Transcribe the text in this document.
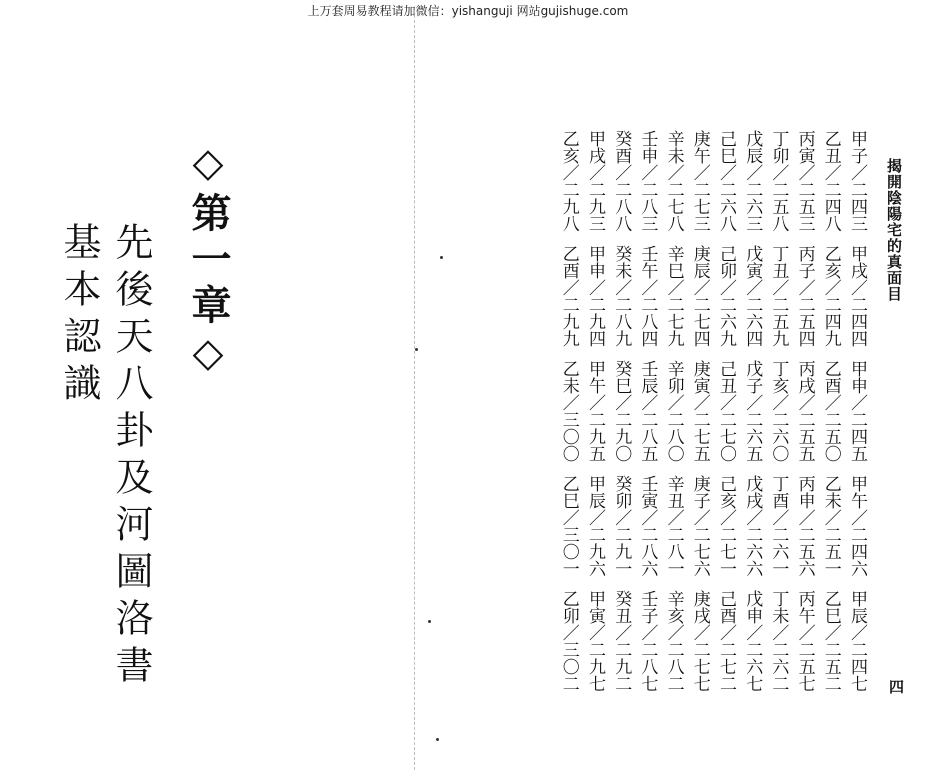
上万套周易教程请加微信：yishanguji 网站gujishuge.com
◇第一章◇
先後天八卦及河圖洛書
基本認識	揭開陰陽宅的真面目
四
甲子／二四三
甲戌／二四四
甲申／二四五
甲午／二四六
甲辰／二四七
乙丑／二四八
乙亥／二四九
乙酉／二五〇
乙未／二五一
乙巳／二五二
丙寅／二五三
丙子／二五四
丙戌／二五五
丙申／二五六
丙午／二五七
丁卯／二五八
丁丑／二五九
丁亥／二六〇
丁酉／二六一
丁未／二六二
戊辰／二六三
戊寅／二六四
戊子／二六五
戊戌／二六六
戊申／二六七
己巳／二六八
己卯／二六九
己丑／二七〇
己亥／二七一
己酉／二七二
庚午／二七三
庚辰／二七四
庚寅／二七五
庚子／二七六
庚戌／二七七
辛未／二七八
辛巳／二七九
辛卯／二八〇
辛丑／二八一
辛亥／二八二
壬申／二八三
壬午／二八四
壬辰／二八五
壬寅／二八六
壬子／二八七
癸酉／二八八
癸未／二八九
癸巳／二九〇
癸卯／二九一
癸丑／二九二
甲戌／二九三
甲申／二九四
甲午／二九五
甲辰／二九六
甲寅／二九七
乙亥／二九八
乙酉／二九九
乙未／三〇〇
乙巳／三〇一
乙卯／三〇二
